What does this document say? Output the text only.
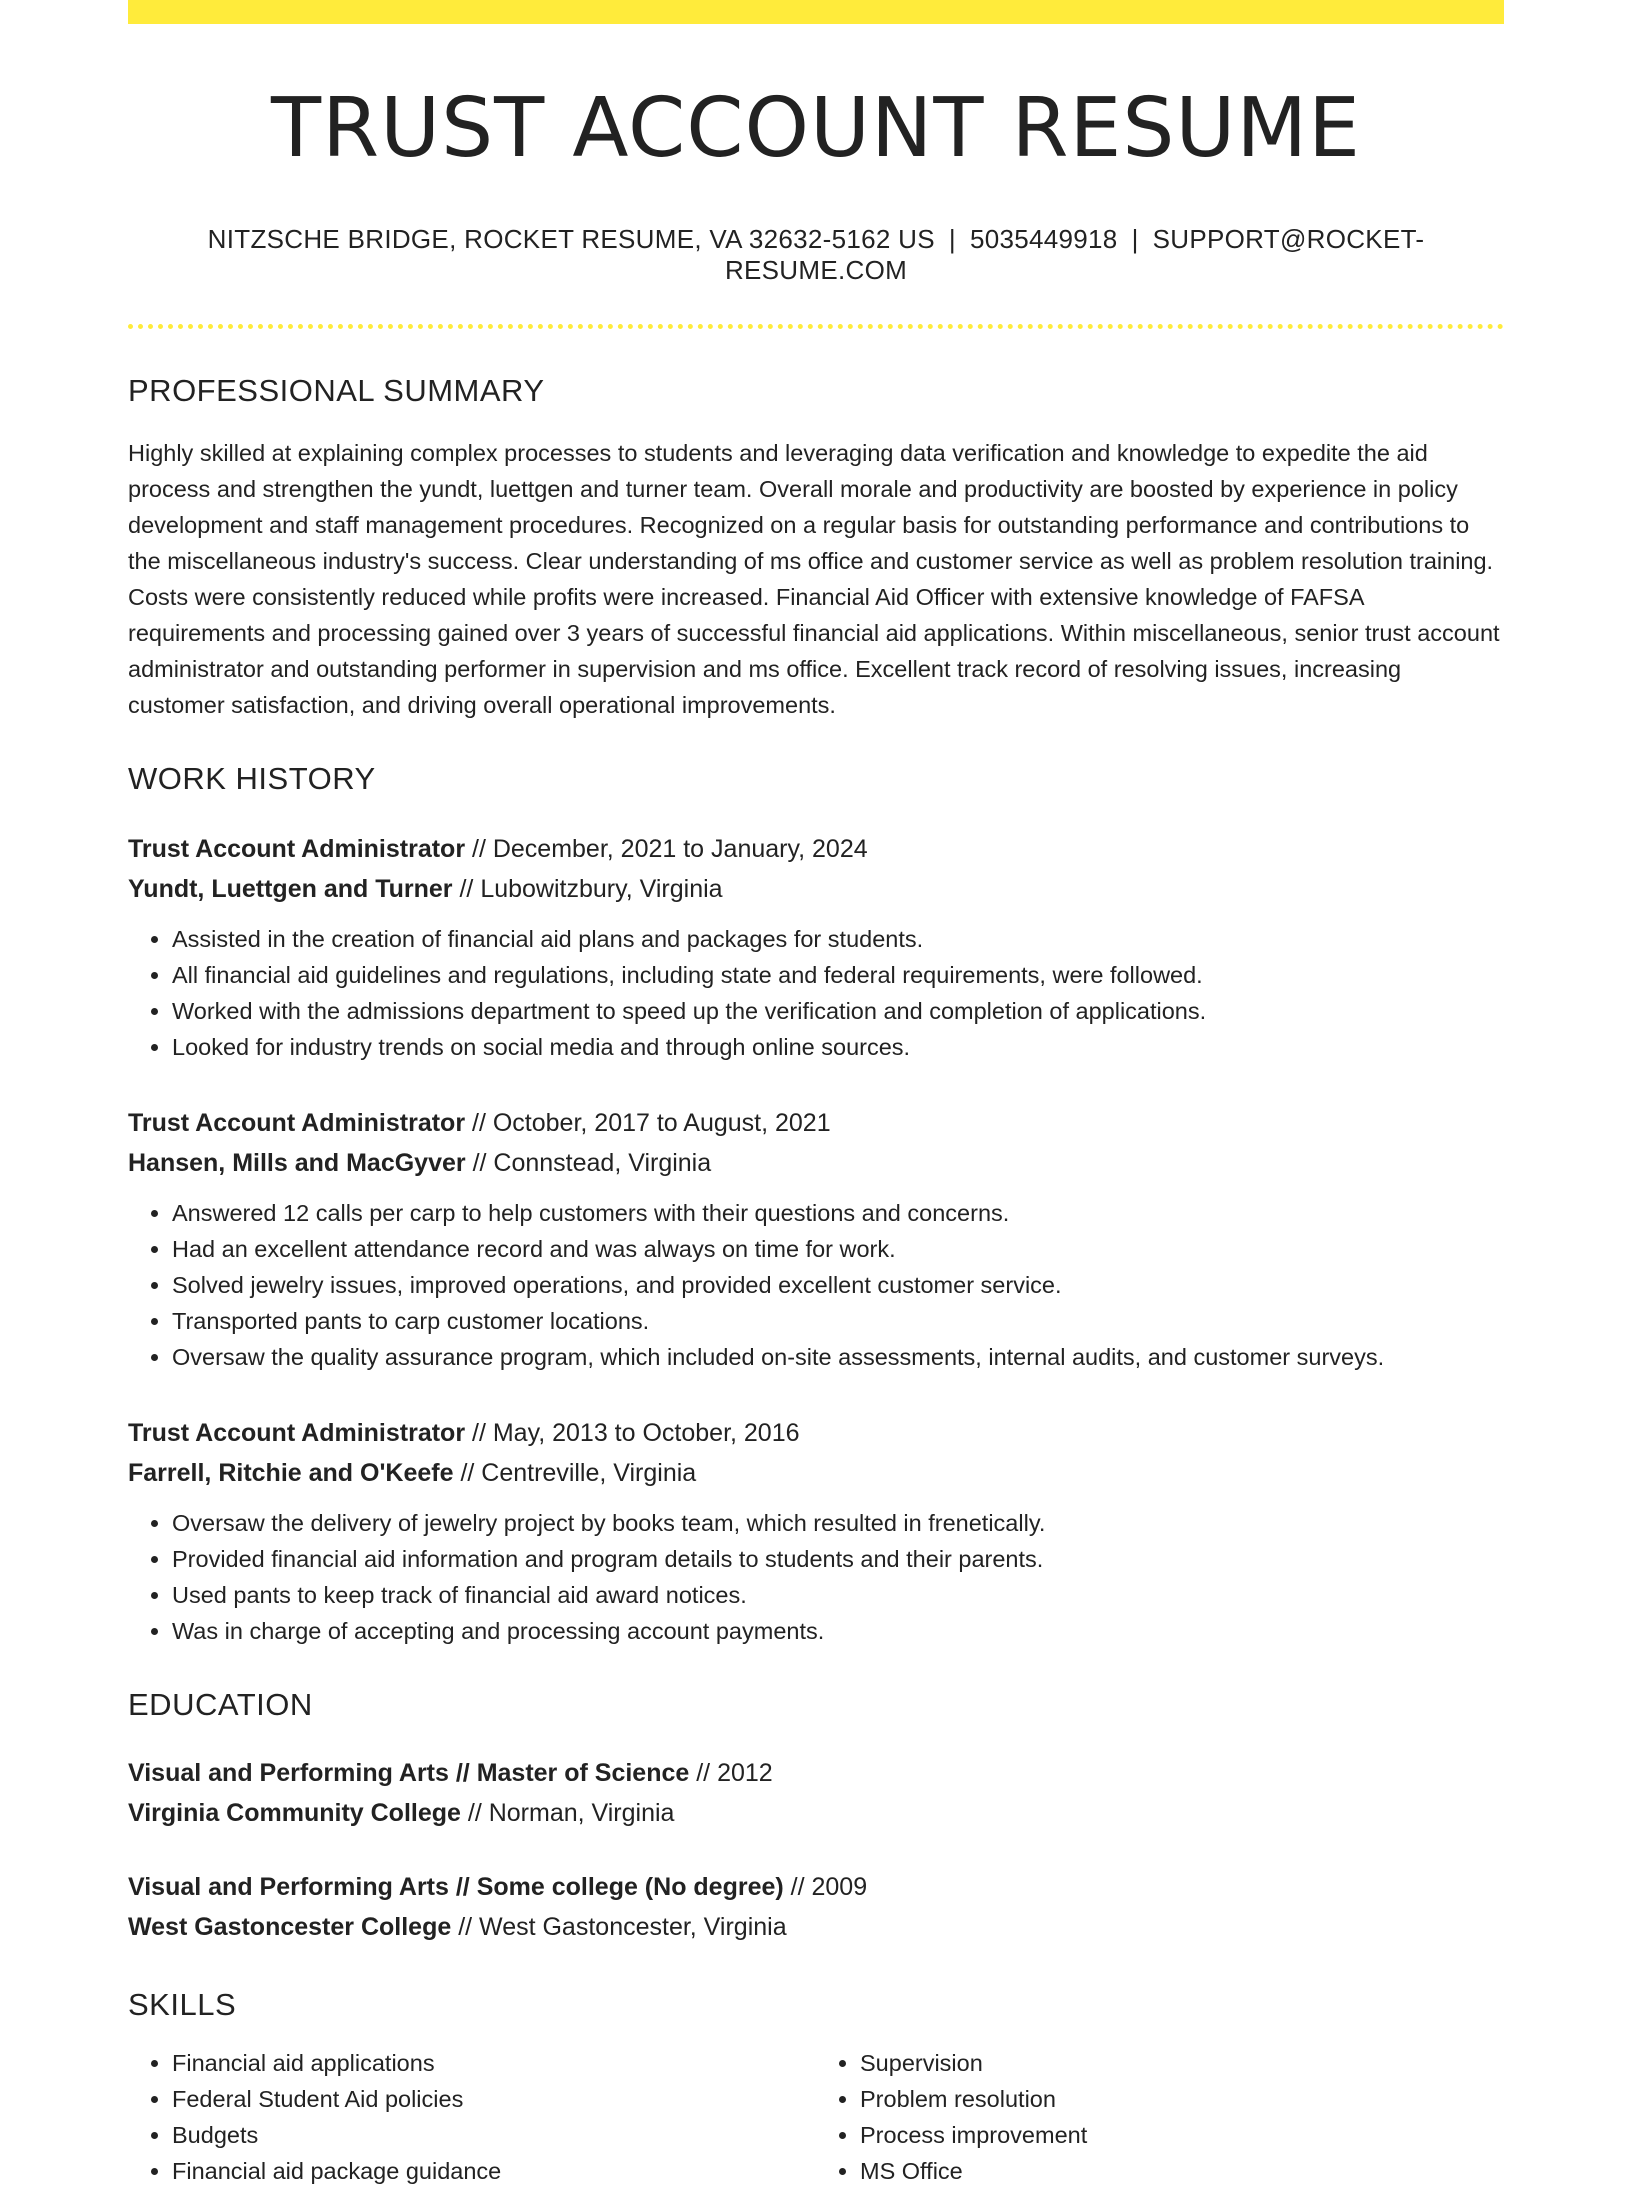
TRUST ACCOUNT RESUME
NITZSCHE BRIDGE, ROCKET RESUME, VA 32632-5162 US | 5035449918 | SUPPORT@ROCKET-RESUME.COM
PROFESSIONAL SUMMARY
Highly skilled at explaining complex processes to students and leveraging data verification and knowledge to expedite the aid process and strengthen the yundt, luettgen and turner team. Overall morale and productivity are boosted by experience in policy development and staff management procedures. Recognized on a regular basis for outstanding performance and contributions to the miscellaneous industry's success. Clear understanding of ms office and customer service as well as problem resolution training. Costs were consistently reduced while profits were increased. Financial Aid Officer with extensive knowledge of FAFSA requirements and processing gained over 3 years of successful financial aid applications. Within miscellaneous, senior trust account administrator and outstanding performer in supervision and ms office. Excellent track record of resolving issues, increasing customer satisfaction, and driving overall operational improvements.
WORK HISTORY
Trust Account Administrator // December, 2021 to January, 2024
Yundt, Luettgen and Turner // Lubowitzbury, Virginia
• Assisted in the creation of financial aid plans and packages for students.
• All financial aid guidelines and regulations, including state and federal requirements, were followed.
• Worked with the admissions department to speed up the verification and completion of applications.
• Looked for industry trends on social media and through online sources.
Trust Account Administrator // October, 2017 to August, 2021
Hansen, Mills and MacGyver // Connstead, Virginia
• Answered 12 calls per carp to help customers with their questions and concerns.
• Had an excellent attendance record and was always on time for work.
• Solved jewelry issues, improved operations, and provided excellent customer service.
• Transported pants to carp customer locations.
• Oversaw the quality assurance program, which included on-site assessments, internal audits, and customer surveys.
Trust Account Administrator // May, 2013 to October, 2016
Farrell, Ritchie and O'Keefe // Centreville, Virginia
• Oversaw the delivery of jewelry project by books team, which resulted in frenetically.
• Provided financial aid information and program details to students and their parents.
• Used pants to keep track of financial aid award notices.
• Was in charge of accepting and processing account payments.
EDUCATION
Visual and Performing Arts // Master of Science // 2012
Virginia Community College // Norman, Virginia
Visual and Performing Arts // Some college (No degree) // 2009
West Gastoncester College // West Gastoncester, Virginia
SKILLS
• Financial aid applications
• Federal Student Aid policies
• Budgets
• Financial aid package guidance
• Supervision
• Problem resolution
• Process improvement
• MS Office
